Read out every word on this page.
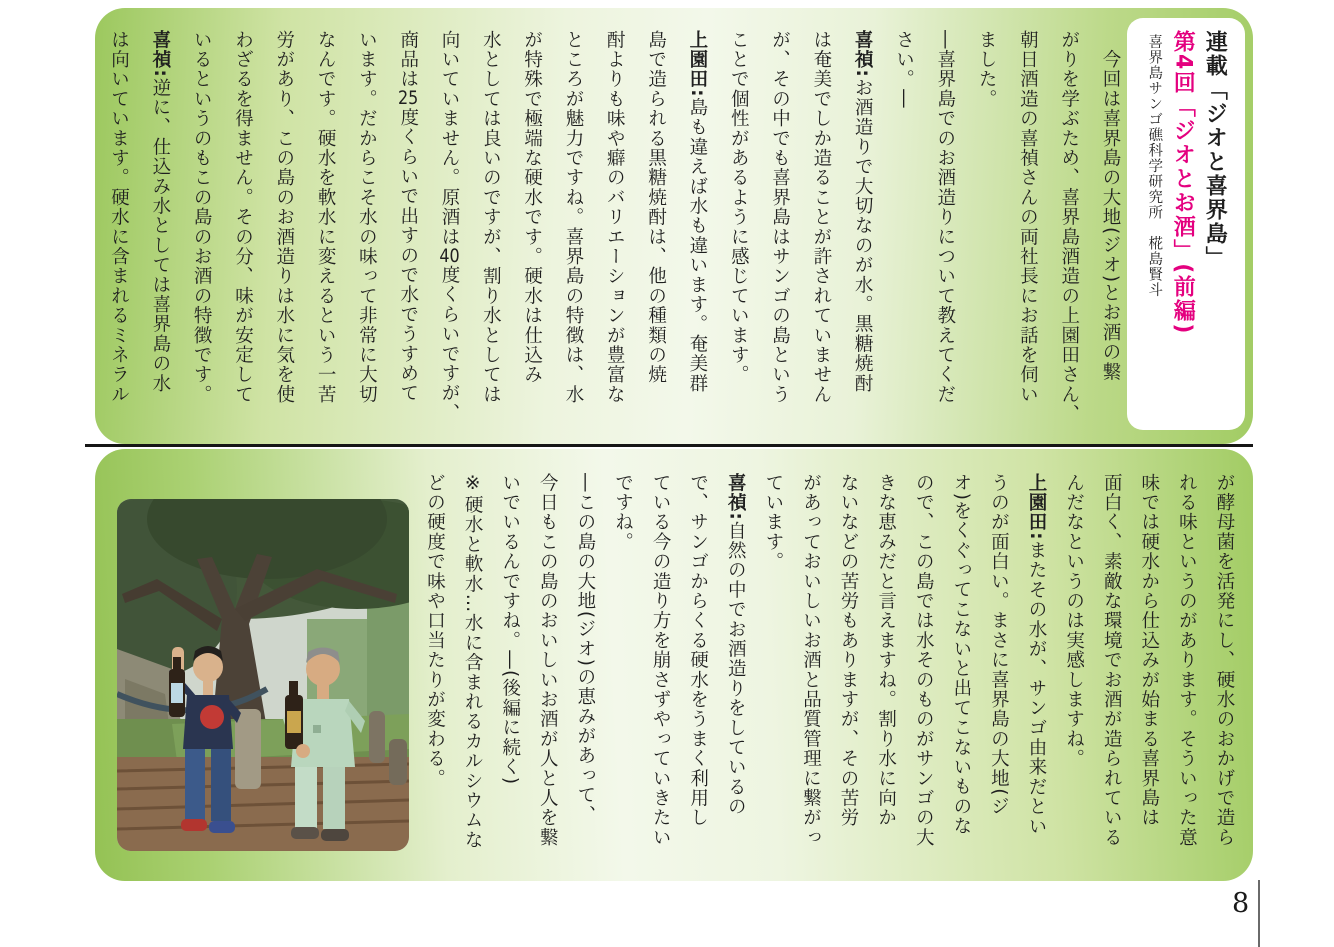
連載「ジオと喜界島」
第4回「ジオとお酒」(前編)
喜界島サンゴ礁科学研究所　椛島賢斗
　今回は喜界島の大地(ジオ)とお酒の繋
がりを学ぶため、喜界島酒造の上園田さん、
朝日酒造の喜禎さんの両社長にお話を伺い
ました。
―喜界島でのお酒造りについて教えてくだ
さい。―
喜禎:お酒造りで大切なのが水。黒糖焼酎
は奄美でしか造ることが許されていません
が、その中でも喜界島はサンゴの島という
ことで個性があるように感じています。
上園田:島も違えば水も違います。奄美群
島で造られる黒糖焼酎は、他の種類の焼
酎よりも味や癖のバリエーションが豊富な
ところが魅力ですね。喜界島の特徴は、水
が特殊で極端な硬水です。硬水は仕込み
水としては良いのですが、割り水としては
向いていません。原酒は40度くらいですが、
商品は25度くらいで出すので水でうすめて
います。だからこそ水の味って非常に大切
なんです。硬水を軟水に変えるという一苦
労があり、この島のお酒造りは水に気を使
わざるを得ません。その分、味が安定して
いるというのもこの島のお酒の特徴です。
喜禎:逆に、仕込み水としては喜界島の水
は向いています。硬水に含まれるミネラル
が酵母菌を活発にし、硬水のおかげで造ら
れる味というのがあります。そういった意
味では硬水から仕込みが始まる喜界島は
面白く、素敵な環境でお酒が造られている
んだなというのは実感しますね。
上園田:またその水が、サンゴ由来だとい
うのが面白い。まさに喜界島の大地(ジ
オ)をくぐってこないと出てこないものな
ので、この島では水そのものがサンゴの大
きな恵みだと言えますね。割り水に向か
ないなどの苦労もありますが、その苦労
があっておいしいお酒と品質管理に繋がっ
ています。
喜禎:自然の中でお酒造りをしているの
で、サンゴからくる硬水をうまく利用し
ている今の造り方を崩さずやっていきたい
ですね。
―この島の大地(ジオ)の恵みがあって、
今日もこの島のおいしいお酒が人と人を繋
いでいるんですね。―(後編に続く)
※硬水と軟水…水に含まれるカルシウムな
どの硬度で味や口当たりが変わる。
8
